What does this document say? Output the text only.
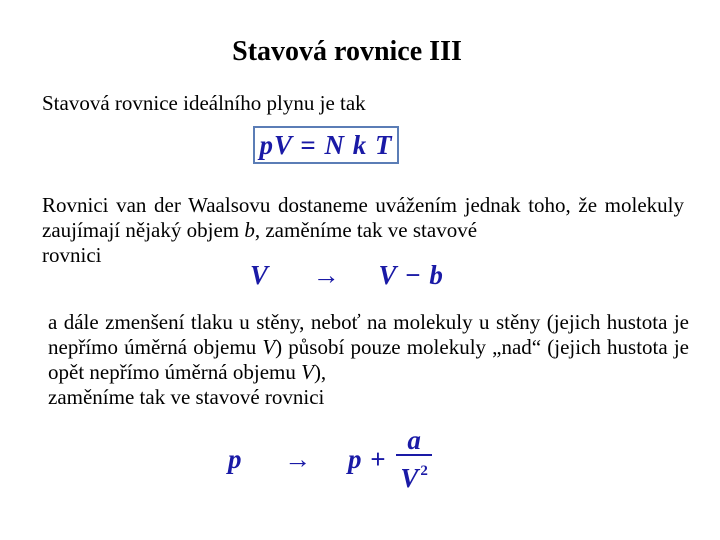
Stavová rovnice III
Stavová rovnice ideálního plynu je tak
pV = N k T
Rovnici van der Waalsovu dostaneme uvážením jednak toho, že molekuly zaujímají nějaký objem b, zaměníme tak ve stavové
rovnici
V → V − b
a dále zmenšení tlaku u stěny, neboť na molekuly u stěny (jejich hustota je nepřímo úměrná objemu V) působí pouze molekuly „nad“ (jejich hustota je opět nepřímo úměrná objemu V),
zaměníme tak ve stavové rovnici
$p \to p + \frac{a}{V ^2}$
